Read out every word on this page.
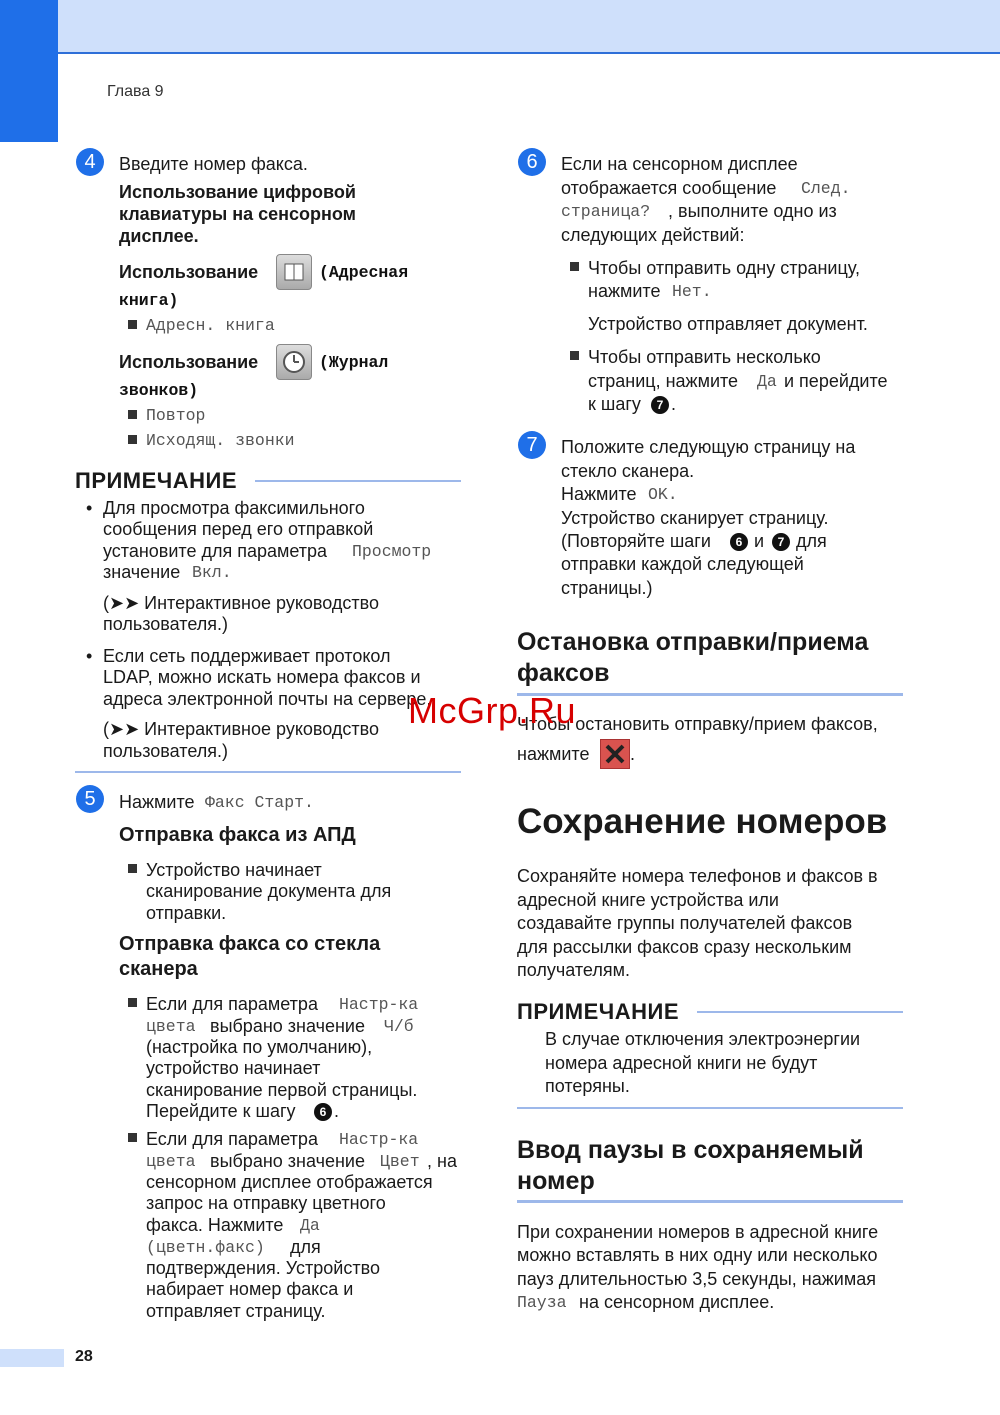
Глава 9
4	Введите номер факса.
Использование цифровой клавиатуры на сенсорном дисплее.
Использование	(Адресная
книга)
Адресн. книга
Использование	(Журнал
звонков)
Повтор
Исходящ. звонки
ПРИМЕЧАНИЕ
• Для просмотра факсимильного
сообщения перед его отправкой
установите для параметра Просмотр
значение Вкл.
(➤➤ Интерактивное руководство
пользователя.)
• Если сеть поддерживает протокол
LDAP, можно искать номера факсов и
адреса электронной почты на сервере.
(➤➤ Интерактивное руководство
пользователя.)
5	Нажмите Факс Старт.
Отправка факса из АПД
Устройство начинает
сканирование документа для
отправки.
Отправка факса со стекла
сканера
Если для параметра Настр-ка
цвета выбрано значение Ч/б
(настройка по умолчанию),
устройство начинает
сканирование первой страницы.
Перейдите к шагу	6 .
Если для параметра Настр-ка
цвета выбрано значение Цвет , на
сенсорном дисплее отображается
запрос на отправку цветного
факса. Нажмите Да
(цветн.факс) для
подтверждения. Устройство
набирает номер факса и
отправляет страницу.
6	Если на сенсорном дисплее
отображается сообщение След.
страница? , выполните одно из
следующих действий:
Чтобы отправить одну страницу,
нажмите Нет.
Устройство отправляет документ.
Чтобы отправить несколько
страниц, нажмите Да и перейдите
к шагу	7 .
7	Положите следующую страницу на
стекло сканера.
Нажмите OK.
Устройство сканирует страницу.
(Повторяйте шаги	6 и	7 для
отправки каждой следующей
страницы.)
Остановка отправки/приема
факсов
Чтобы остановить отправку/прием факсов,
нажмите .
Сохранение номеров
Сохраняйте номера телефонов и факсов в
адресной книге устройства или
создавайте группы получателей факсов
для рассылки факсов сразу нескольким
получателям.
ПРИМЕЧАНИЕ
В случае отключения электроэнергии
номера адресной книги не будут
потеряны.
Ввод паузы в сохраняемый
номер
При сохранении номеров в адресной книге
можно вставлять в них одну или несколько
пауз длительностью 3,5 секунды, нажимая
Пауза на сенсорном дисплее.
28
McGrp.Ru
